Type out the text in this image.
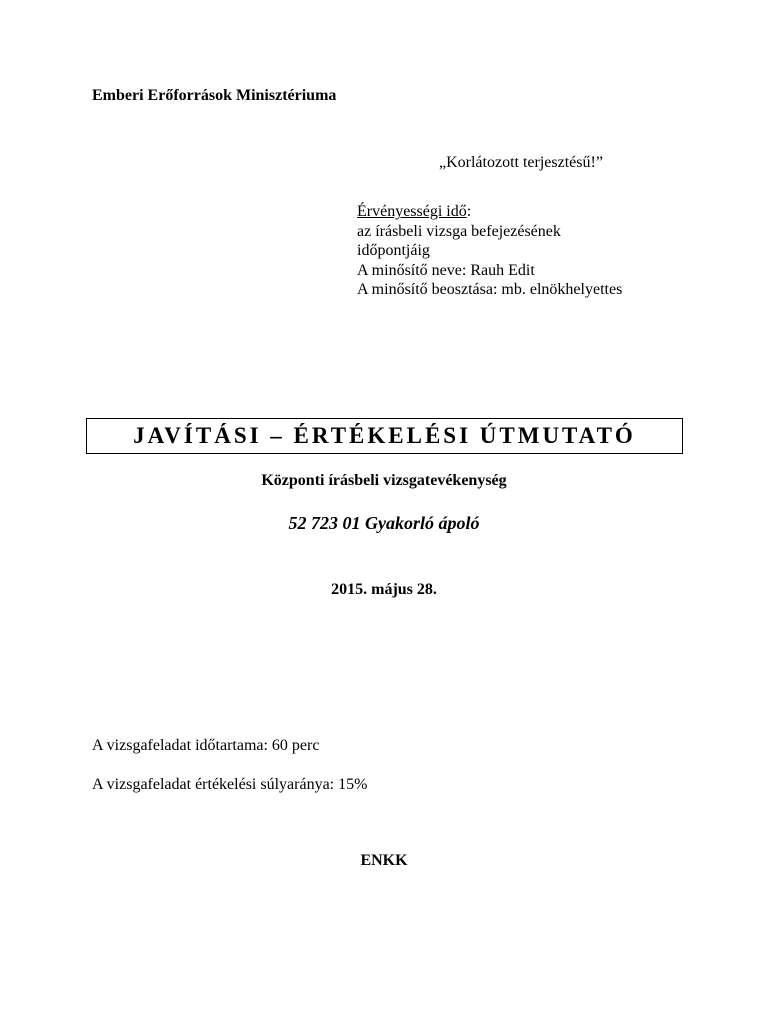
Emberi Erőforrások Minisztériuma
„Korlátozott terjesztésű!”
Érvényességi idő:
az írásbeli vizsga befejezésének
időpontjáig
A minősítő neve: Rauh Edit
A minősítő beosztása: mb. elnökhelyettes
JAVÍTÁSI – ÉRTÉKELÉSI ÚTMUTATÓ
Központi írásbeli vizsgatevékenység
52 723 01 Gyakorló ápoló
2015. május 28.
A vizsgafeladat időtartama: 60 perc
A vizsgafeladat értékelési súlyaránya: 15%
ENKK
